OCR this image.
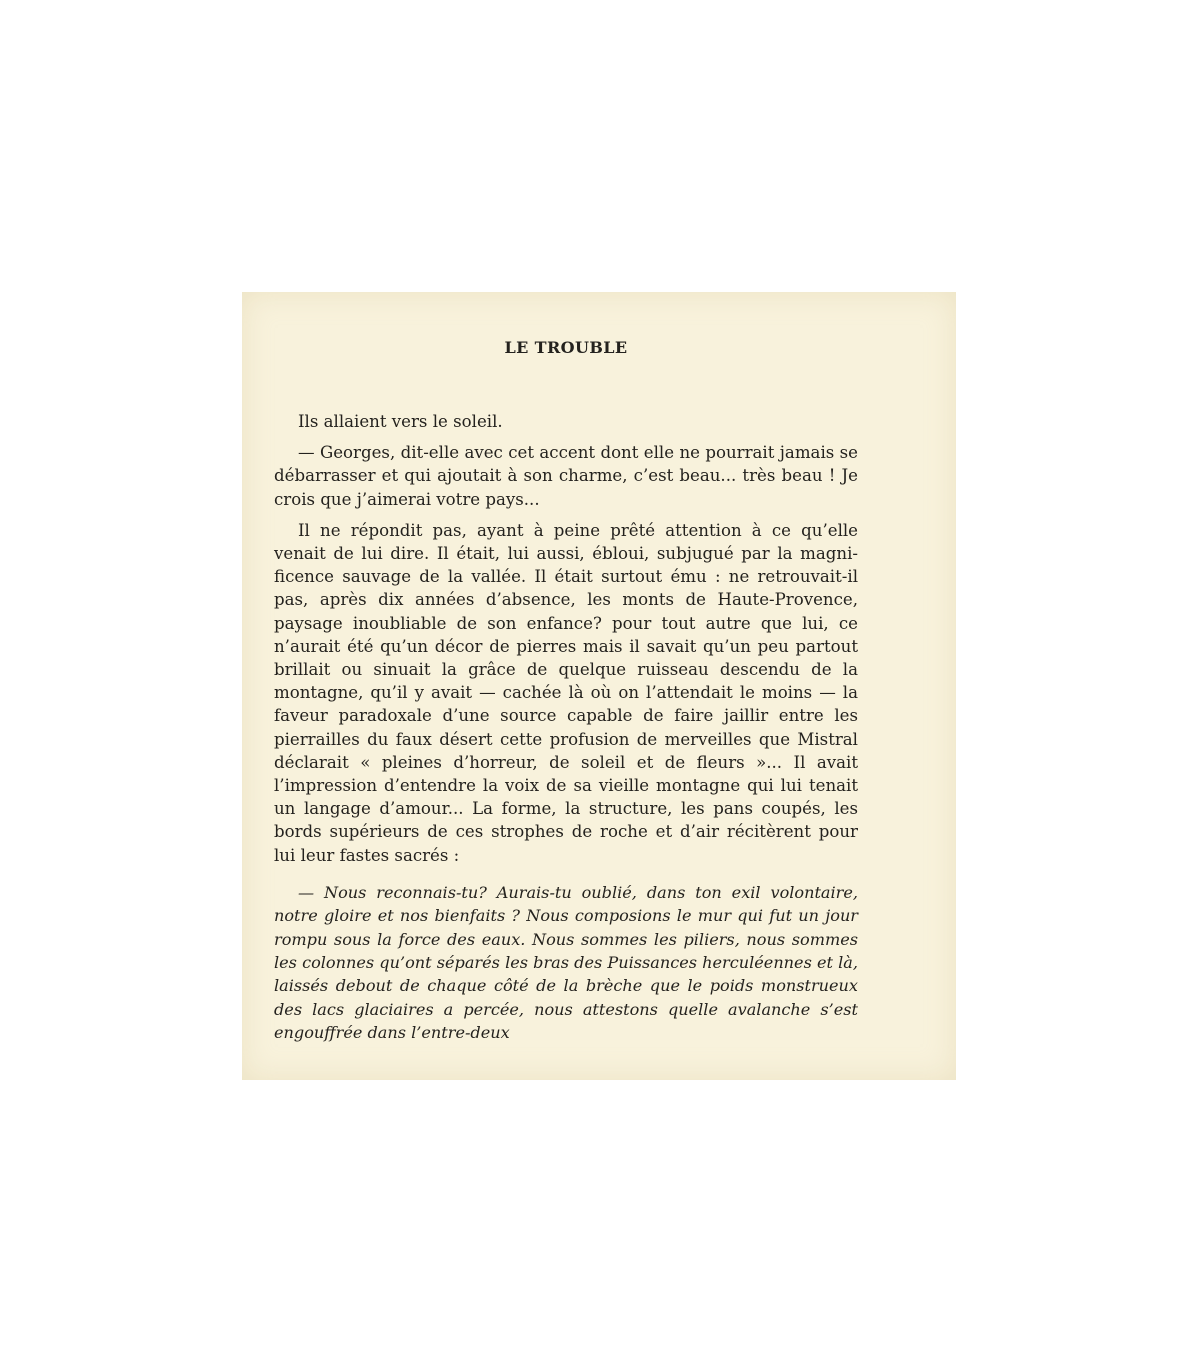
LE TROUBLE

Ils allaient vers le soleil.

— Georges, dit-elle avec cet accent dont elle ne pourrait jamais se débarrasser et qui ajoutait à son charme, c’est beau... très beau ! Je crois que j’aimerai votre pays...

Il ne répondit pas, ayant à peine prêté attention à ce qu’elle venait de lui dire. Il était, lui aussi, ébloui, subjugué par la magnificence sauvage de la vallée. Il était surtout ému : ne retrouvait-il pas, après dix années d’absence, les monts de Haute-Provence, paysage inoubliable de son enfance? pour tout autre que lui, ce n’aurait été qu’un décor de pierres mais il savait qu’un peu partout brillait ou sinuait la grâce de quelque ruisseau descendu de la montagne, qu’il y avait — cachée là où on l’attendait le moins — la faveur paradoxale d’une source capable de faire jaillir entre les pierrailles du faux désert cette profusion de merveilles que Mistral déclarait « pleines d’horreur, de soleil et de fleurs »... Il avait l’impression d’entendre la voix de sa vieille montagne qui lui tenait un langage d’amour... La forme, la structure, les pans coupés, les bords supérieurs de ces strophes de roche et d’air récitèrent pour lui leur fastes sacrés :

— Nous reconnais-tu? Aurais-tu oublié, dans ton exil volontaire, notre gloire et nos bienfaits ? Nous composions le mur qui fut un jour rompu sous la force des eaux. Nous sommes les piliers, nous sommes les colonnes qu’ont séparés les bras des Puissances herculéennes et là, laissés debout de chaque côté de la brèche que le poids monstrueux des lacs glaciaires a percée, nous attestons quelle avalanche s’est engouffrée dans l’entre-deux
